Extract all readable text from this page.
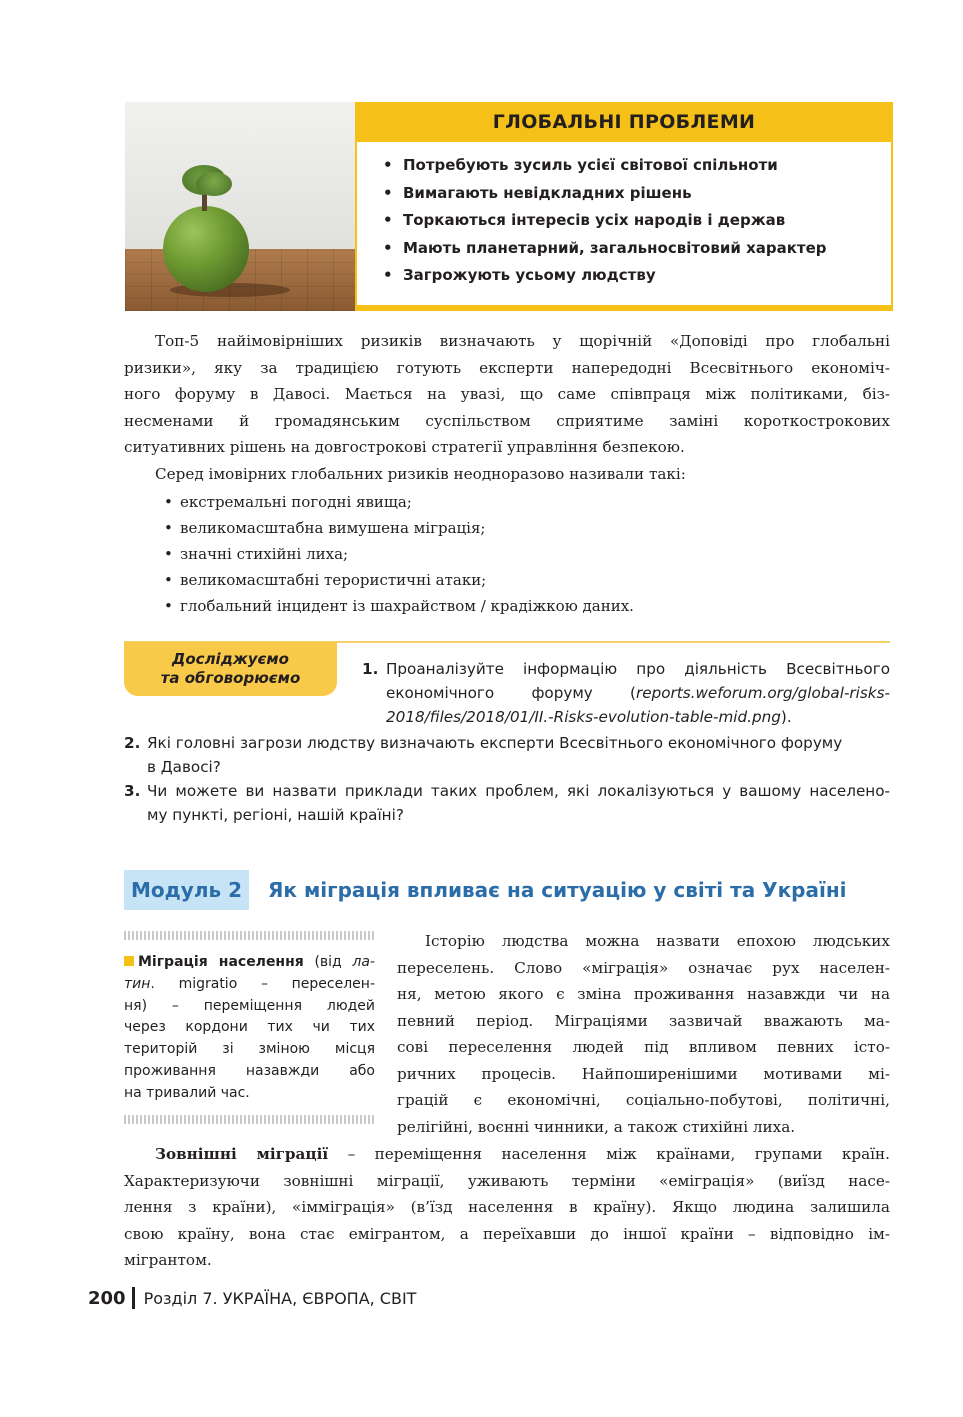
ГЛОБАЛЬНІ ПРОБЛЕМИ
• Потребують зусиль усієї світової спільноти
• Вимагають невідкладних рішень
• Торкаються інтересів усіх народів і держав
• Мають планетарний, загальносвітовий характер
• Загрожують усьому людству
Топ-5 найімовірніших ризиків визначають у щорічній «Доповіді про глобальні
ризики», яку за традицією готують експерти напередодні Всесвітнього економіч-
ного форуму в Давосі. Мається на увазі, що саме співпраця між політиками, біз-
несменами й громадянським суспільством сприятиме заміні короткострокових
ситуативних рішень на довгострокові стратегії управління безпекою.
Серед імовірних глобальних ризиків неодноразово називали такі:
• екстремальні погодні явища;
• великомасштабна вимушена міграція;
• значні стихійні лиха;
• великомасштабні терористичні атаки;
• глобальний інцидент із шахрайством / крадіжкою даних.
Досліджуємо
та обговорюємо	1. Проаналізуйте інформацію про діяльність Всесвітнього
економічного форуму (reports.weforum.org/global-risks-
2018/files/2018/01/II.-Risks-evolution-table-mid.png).
2. Які головні загрози людству визначають експерти Всесвітнього економічного форуму
в Давосі?
3. Чи можете ви назвати приклади таких проблем, які локалізуються у вашому населено-
му пункті, регіоні, нашій країні?
Модуль 2	Як міграція впливає на ситуацію у світі та Україні
Міграція населення (від ла-
тин. migratio – переселен-
ня) – переміщення людей
через кордони тих чи тих
територій зі зміною місця
проживання назавжди або
на тривалий час.
Історію людства можна назвати епохою людських
переселень. Слово «міграція» означає рух населен-
ня, метою якого є зміна проживання назавжди чи на
певний період. Міграціями зазвичай вважають ма-
сові переселення людей під впливом певних істо-
ричних процесів. Найпоширенішими мотивами мі-
грацій є економічні, соціально-побутові, політичні,
релігійні, воєнні чинники, а також стихійні лиха.
Зовнішні міграції – переміщення населення між країнами, групами країн.
Характеризуючи зовнішні міграції, уживають терміни «еміграція» (виїзд насе-
лення з країни), «імміграція» (в’їзд населення в країну). Якщо людина залишила
свою країну, вона стає емігрантом, а переїхавши до іншої країни – відповідно ім-
мігрантом.
200 Розділ 7. УКРАЇНА, ЄВРОПА, СВІТ
